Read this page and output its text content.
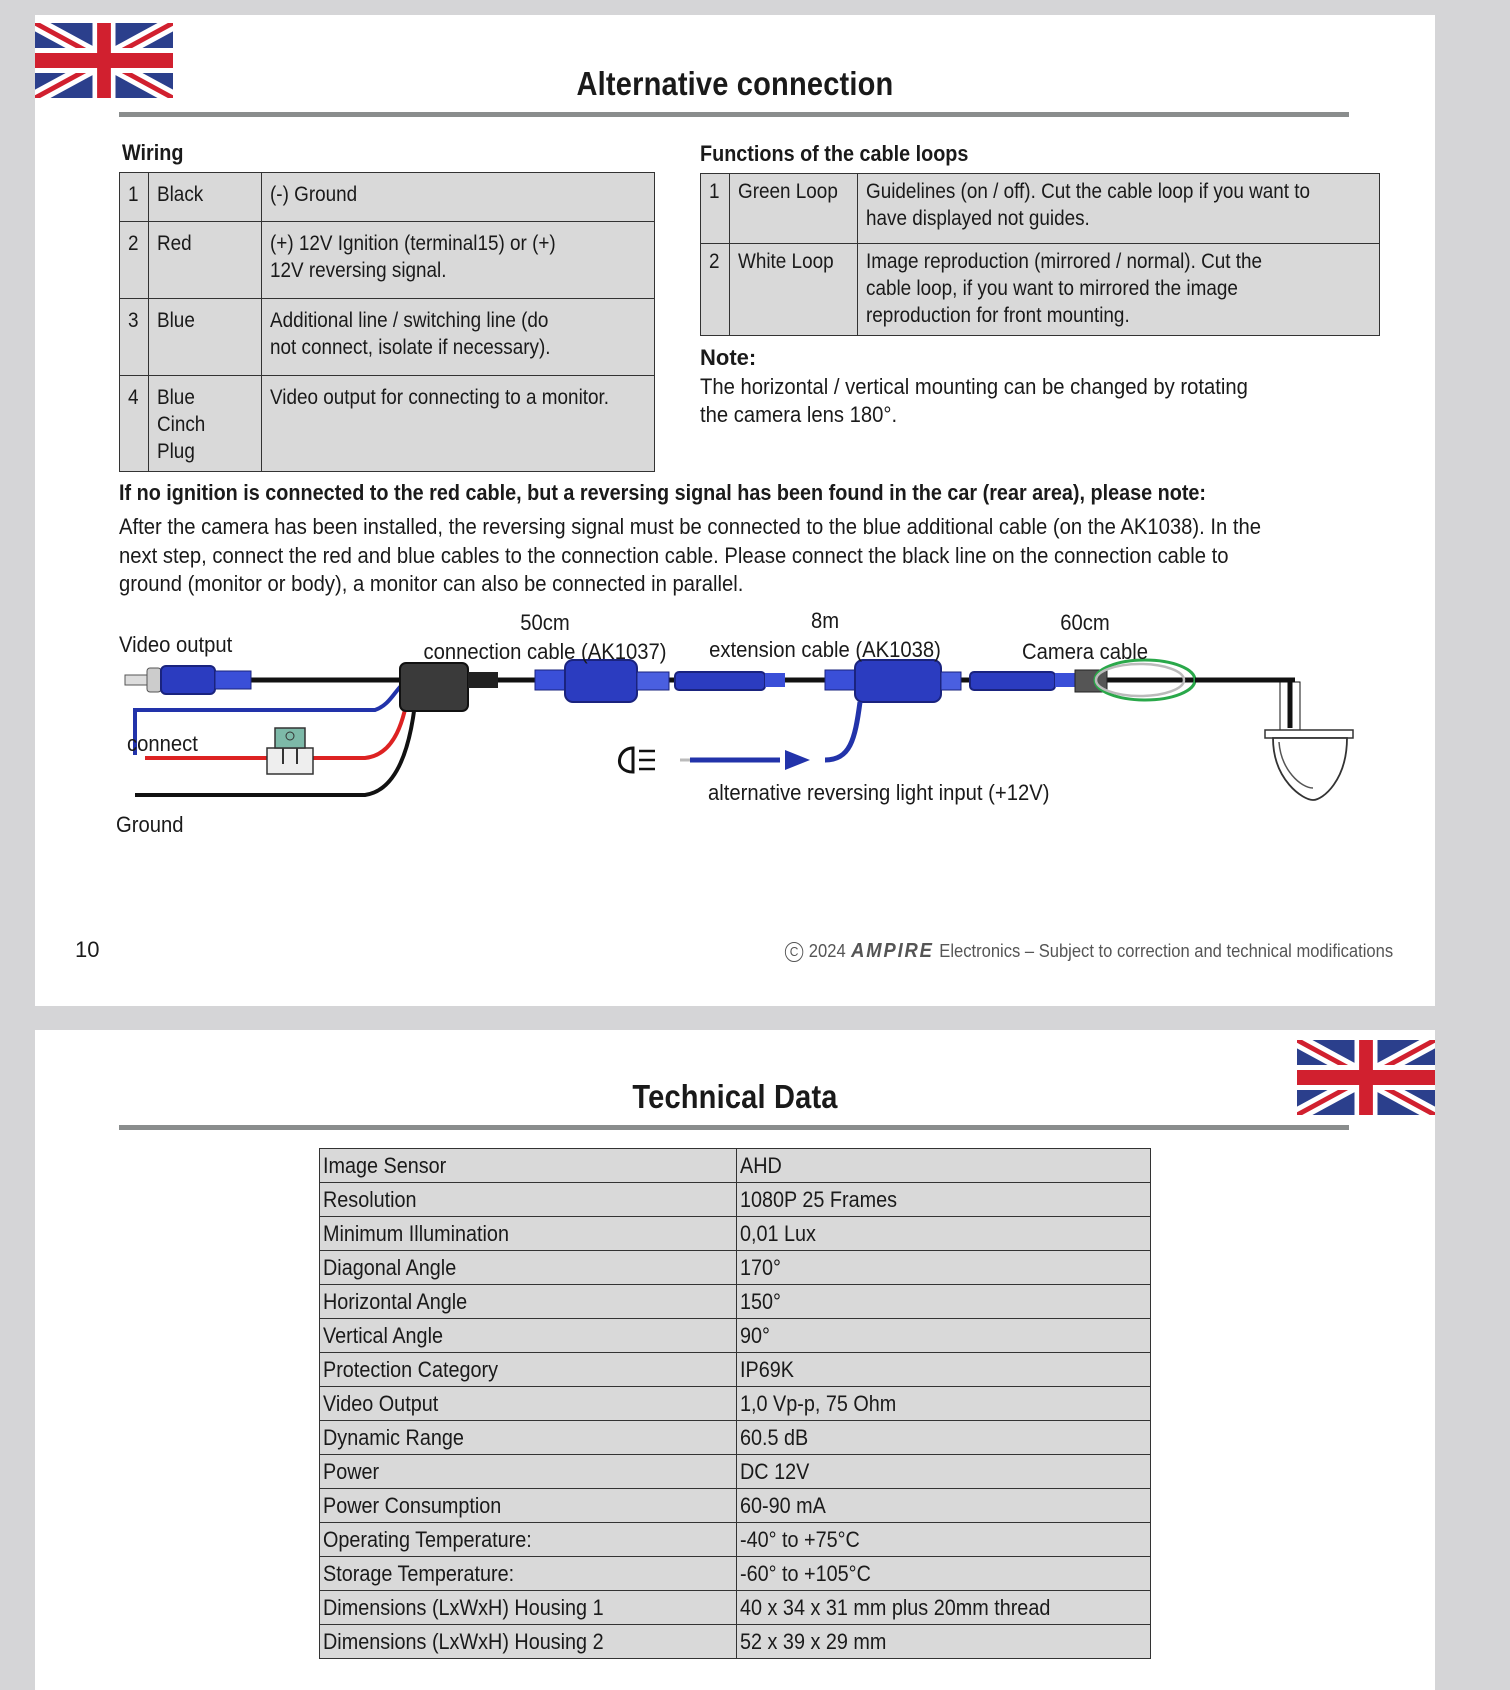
Alternative connection
Wiring
1	Black	(-) Ground
2	Red	(+) 12V Ignition (terminal15) or (+) 12V reversing signal.

3	Blue	Additional line / switching line (do not connect, isolate if necessary).

4	Blue Cinch Plug	Video output for connecting to a monitor.
Functions of the cable loops
1	Green Loop	Guidelines (on / off). Cut the cable loop if you want to have displayed not guides.

2	White Loop	Image reproduction (mirrored / normal). Cut the cable loop, if you want to mirrored the image reproduction for front mounting.
Note:
The horizontal / vertical mounting can be changed by rotating the camera lens 180°.
If no ignition is connected to the red cable, but a reversing signal has been found in the car (rear area), please note:
After the camera has been installed, the reversing signal must be connected to the blue additional cable (on the AK1038). In the next step, connect the red and blue cables to the connection cable. Please connect the black line on the connection cable to ground (monitor or body), a monitor can also be connected in parallel.
Video output
connect
Ground
50cm
connection cable (AK1037)
8m
extension cable (AK1038)
60cm
Camera cable
alternative reversing light input (+12V)
10	C 2024 AMPIRE Electronics – Subject to correction and technical modifications
Technical Data
Image Sensor	AHD
Resolution	1080P 25 Frames
Minimum Illumination	0,01 Lux
Diagonal Angle	170°
Horizontal Angle	150°
Vertical Angle	90°
Protection Category	IP69K
Video Output	1,0 Vp-p, 75 Ohm
Dynamic Range	60.5 dB
Power	DC 12V
Power Consumption	60-90 mA
Operating Temperature:	-40° to +75°C
Storage Temperature:	-60° to +105°C
Dimensions (LxWxH) Housing 1	40 x 34 x 31 mm plus 20mm thread
Dimensions (LxWxH) Housing 2	52 x 39 x 29 mm
